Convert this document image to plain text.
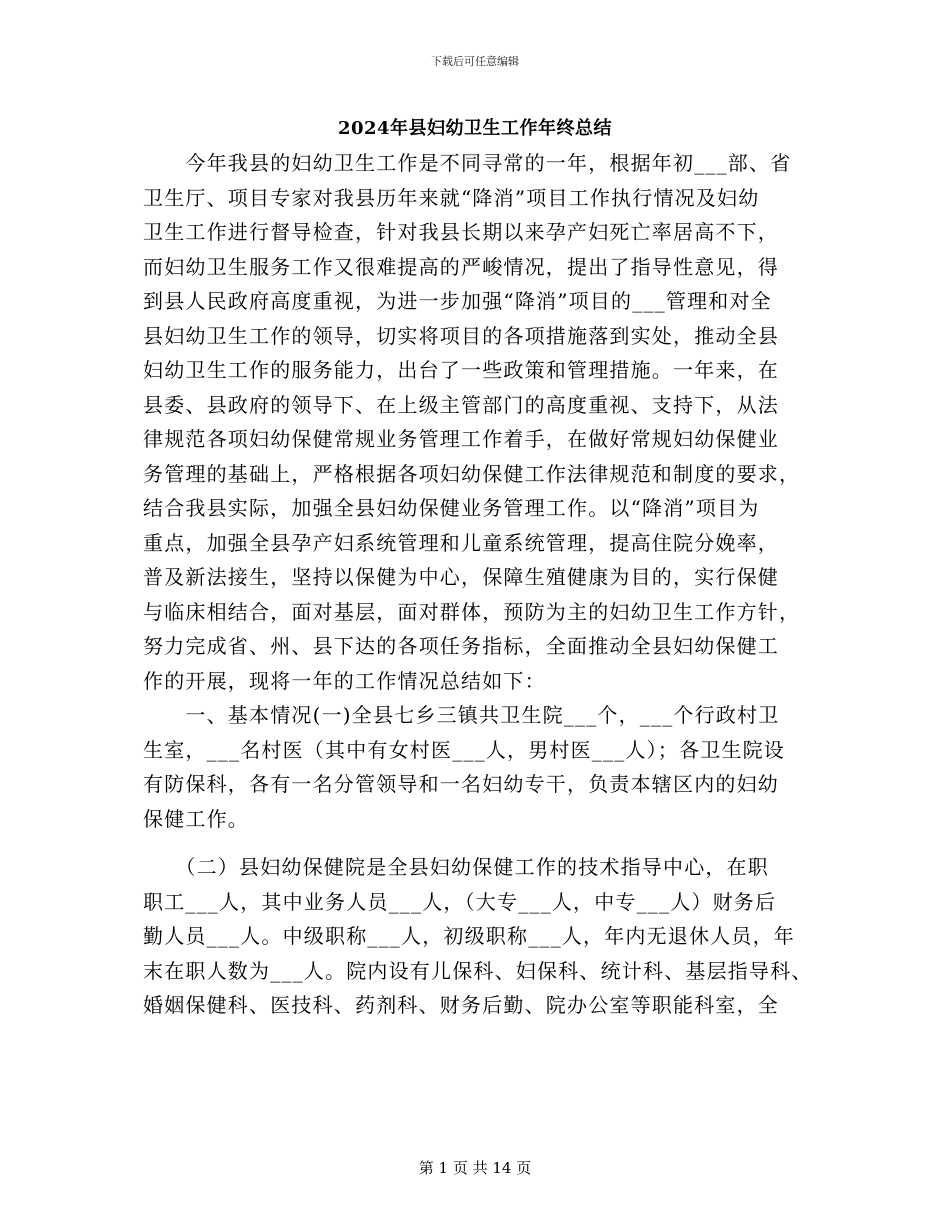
下载后可任意编辑
2024年县妇幼卫生工作年终总结
　　今年我县的妇幼卫生工作是不同寻常的一年，根据年初___部、省
卫生厅、项目专家对我县历年来就“降消”项目工作执行情况及妇幼
卫生工作进行督导检查，针对我县长期以来孕产妇死亡率居高不下，
而妇幼卫生服务工作又很难提高的严峻情况，提出了指导性意见，得
到县人民政府高度重视，为进一步加强“降消”项目的___管理和对全
县妇幼卫生工作的领导，切实将项目的各项措施落到实处，推动全县
妇幼卫生工作的服务能力，出台了一些政策和管理措施。一年来，在
县委、县政府的领导下、在上级主管部门的高度重视、支持下，从法
律规范各项妇幼保健常规业务管理工作着手，在做好常规妇幼保健业
务管理的基础上，严格根据各项妇幼保健工作法律规范和制度的要求，
结合我县实际，加强全县妇幼保健业务管理工作。以“降消”项目为
重点，加强全县孕产妇系统管理和儿童系统管理，提高住院分娩率，
普及新法接生，坚持以保健为中心，保障生殖健康为目的，实行保健
与临床相结合，面对基层，面对群体，预防为主的妇幼卫生工作方针，
努力完成省、州、县下达的各项任务指标，全面推动全县妇幼保健工
作的开展，现将一年的工作情况总结如下：
　　一、基本情况(一)全县七乡三镇共卫生院___个，___个行政村卫
生室，___名村医（其中有女村医___人，男村医___人）；各卫生院设
有防保科，各有一名分管领导和一名妇幼专干，负责本辖区内的妇幼
保健工作。
　　（二）县妇幼保健院是全县妇幼保健工作的技术指导中心，在职
职工___人，其中业务人员___人，（大专___人，中专___人）财务后
勤人员___人。中级职称___人，初级职称___人，年内无退休人员，年
末在职人数为___人。院内设有儿保科、妇保科、统计科、基层指导科、
婚姻保健科、医技科、药剂科、财务后勤、院办公室等职能科室，全
第 1 页 共 14 页
